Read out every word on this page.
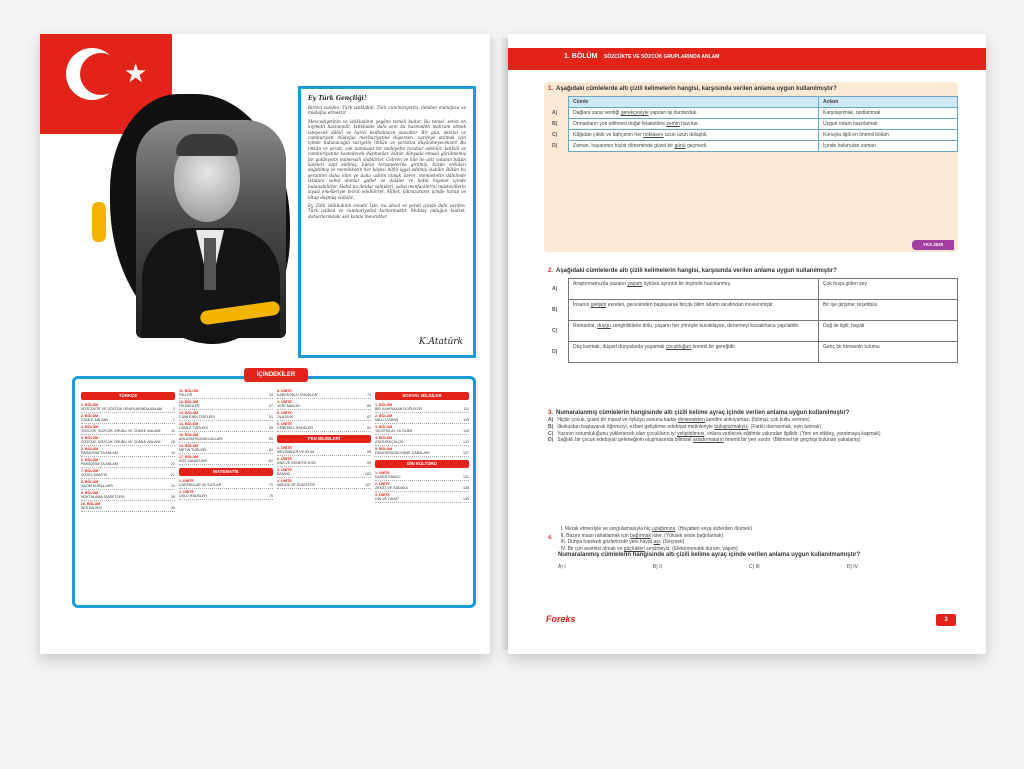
★
Ey Türk Gençliği!

Birinci vazifen, Türk istiklâlini, Türk cumhuriyetini, ilelebet muhafaza ve müdafaa etmektir.

Mevcudiyetinin ve istikbalinin yegâne temeli budur. Bu temel, senin en kıymetli hazinendir. İstikbalde dahi seni bu hazineden mahrum etmek isteyecek dâhilî ve haricî bedhahların olacaktır. Bir gün, istiklal ve cumhuriyeti müdafaa mecburiyetine düşersen, vazifeye atılmak için içinde bulunacağın vaziyetin imkân ve şeraitini düşünmeyeceksin! Bu imkân ve şerait, çok namüsait bir mahiyette tezahür edebilir. İstiklâl ve cumhuriyetine kastedecek düşmanlar, bütün dünyada emsali görülmemiş bir galibiyetin mümessili olabilirler. Cebren ve hile ile aziz vatanın bütün kaleleri zapt edilmiş, bütün tersanelerine girilmiş, bütün orduları dağıtılmış ve memleketin her köşesi bilfiil işgal edilmiş olabilir. Bütün bu şeraitten daha elim ve daha vahim olmak üzere, memleketin dâhilinde iktidara sahip olanlar gaflet ve dalâlet ve hattâ hıyanet içinde bulunabilirler. Hattâ bu iktidar sahipleri, şahsi menfaatlerini müstevlilerin siyasi emelleriyle tevhit edebilirler. Millet, fakruzaruret içinde harap ve bîtap düşmüş olabilir.

Ey Türk istikbalinin evladı! İşte, bu ahval ve şerait içinde dahi vazifen, Türk istiklal ve cumhuriyetini kurtarmaktır. Muhtaç olduğun kudret, damarlarındaki asil kanda mevcuttur.

K.Atatürk
İÇİNDEKİLER
TÜRKÇE
1. BÖLÜM
SÖZCÜKTE VE SÖZCÜK GRUPLARINDA ANLAM	3
2. BÖLÜM
CÜMLE ANLAMI	7
3. BÖLÜM
SÖZCÜK, SÖZCÜK GRUBU VE CÜMLE ANLAMI	11
4. BÖLÜM
SÖZCÜK, SÖZCÜK GRUBU VE CÜMLE ANLAMI	15
5. BÖLÜM
PARAGRAFTA ANLAM	19
6. BÖLÜM
PARAGRAFTA ANLAM	23
7. BÖLÜM
SÖZEL MANTIK	27
8. BÖLÜM
YAZIM KURALLARI	31
9. BÖLÜM
NOKTALAMA İŞARETLERİ	35
10. BÖLÜM
SES BİLGİSİ	39
11. BÖLÜM
FİİLLER	43
12. BÖLÜM
FİİLİMSİLER	47
13. BÖLÜM
CÜMLENİN ÖGELERİ	51
14. BÖLÜM
CÜMLE TÜRLERİ	55
15. BÖLÜM
ANLATIM BOZUKLUKLARI	59
16. BÖLÜM
METİN TÜRLERİ	63
17. BÖLÜM
SÖZ SANATLARI	67
MATEMATİK
1. ÜNİTE
ÇARPANLAR VE KATLAR	71
2. ÜNİTE
ÜSLÜ İFADELER	75
3. ÜNİTE
KAREKÖKLÜ İFADELER	79
4. ÜNİTE
VERİ ANALİZİ	83
5. ÜNİTE
OLASILIK	87
6. ÜNİTE
CEBİRSEL İFADELER	91
FEN BİLİMLERİ
1. ÜNİTE
MEVSİMLER VE İKLİM	95
2. ÜNİTE
DNA VE GENETİK KOD	99
3. ÜNİTE
BASINÇ	103
4. ÜNİTE
MADDE VE ENDÜSTRİ	107
SOSYAL BİLGİLER
1. BÖLÜM
BİR KAHRAMAN DOĞUYOR	111
2. BÖLÜM
MİLLİ UYANIŞ	115
3. BÖLÜM
YA İSTİKLAL YA ÖLÜM	119
4. BÖLÜM
ATATÜRKÇÜLÜK	123
5. BÖLÜM
DEMOKRATİKLEŞME ÇABALARI	127
DİN KÜLTÜRÜ
1. ÜNİTE
KADER İNANCI	131
2. ÜNİTE
ZEKÂT VE SADAKA	135
3. ÜNİTE
DİN VE HAYAT	139
1. BÖLÜM SÖZCÜKTE VE SÖZCÜK GRUPLARINDA ANLAM
1. Aşağıdaki cümlelerde altı çizili kelimelerin hangisi, karşısında verilen anlama uygun kullanılmıştır?
	Cümle	Anlam
A)	Dağlara zarar verdiği gerekçesiyle yapılan işi durdurduk.	Karşılaşılmak, rastlanmak
B)	Ormanların yok edilmesi doğal felaketlere zemin hazırlar.	Uygun ortam hazırlamak
C)	Kâğıdan çıktık ve bahçenin her noktasını uzun uzun dolaştık.	Konuyla ilgili en önemli bölüm
D)	Zaman, hayatımın hiçbir döneminde güzel bir günü geçmedi.	İçinde bulunulan zaman
YKS 2020
2. Aşağıdaki cümlelerde altı çizili kelimelerin hangisi, karşısında verilen anlama uygun kullanılmıştır?
A)	Araştırmamızda yazarın yaşam öyküsü ayrıntılı bir biçimde hazırlanmış.	Çok hoşa giden şey
B)	İnsanın gelişim evreleri, gecesinden başlayarak birçok bilim adamı tarafından incelenmiştir.	Bir işe girişme; teşebbüs
C)	Romanlar, duygu zenginliklerle dolu, yaşamı her yönüyle kucaklayan, denemeyi kucakmaca yapılabilir.	Doğ ile ilgili; hayati
D)	Düş kurmak, düşsel dünyalarda yaşamak çocukluğun önemli bir gereğidir.	Genç bir kimsenin tutumu
3. Numaralanmış cümlelerin hangisinde altı çizili kelime ayraç içinde verilen anlama uygun kullanılmıştır?
A) Hiçbir çocuk, güzel bir masal ve öyküyü sonuna kadar dinlemekten kendini alıkoyamaz. (İçtimai, çok kutlu vermek)
B) İlkokuldan başlayarak öğrenciyi, ezberi geliştirme edebiyat metinleriyle buluşturmalıyız. (Farklı davranmak, eyin tutmak)
C) Yazının sorumluluğunu yüklenecek olan çocukların iyi yetiştirilmesi, onlara verilecek eğitimle yakından ilgilidir. (Yeni en etkileş, yaratmaya kapmak)
D) Sağlıklı bir çocuk edebiyatı geleneğinin oluşmasında bilimsel araştırmaların önemli bir yeri vardır. (Bilimsel bir geçmişi bulunan yakalanış)
4.
I. Merak etmesiyle ve sorgulamasıyla hiç uzağımıza. (Hayatten veya sizlerden ölümek)
II. Bazen insan rahatlamak için bağırmak ister. (Yüksek sesle bağırlamak)
III. Dünya hareketi gözlemcide yeni hayat aşı. (Seçmek)
IV. Bir işin acemisi olmak ve güçlükleri sevilmeyiz. (Elektronmatik durum, yapım)
Numaralanmış cümlelerin hangisinde altı çizili kelime ayraç içinde verilen anlama uygun kullanılmamıştır?
A) I	B) II	C) III	D) IV
Foreks	3
